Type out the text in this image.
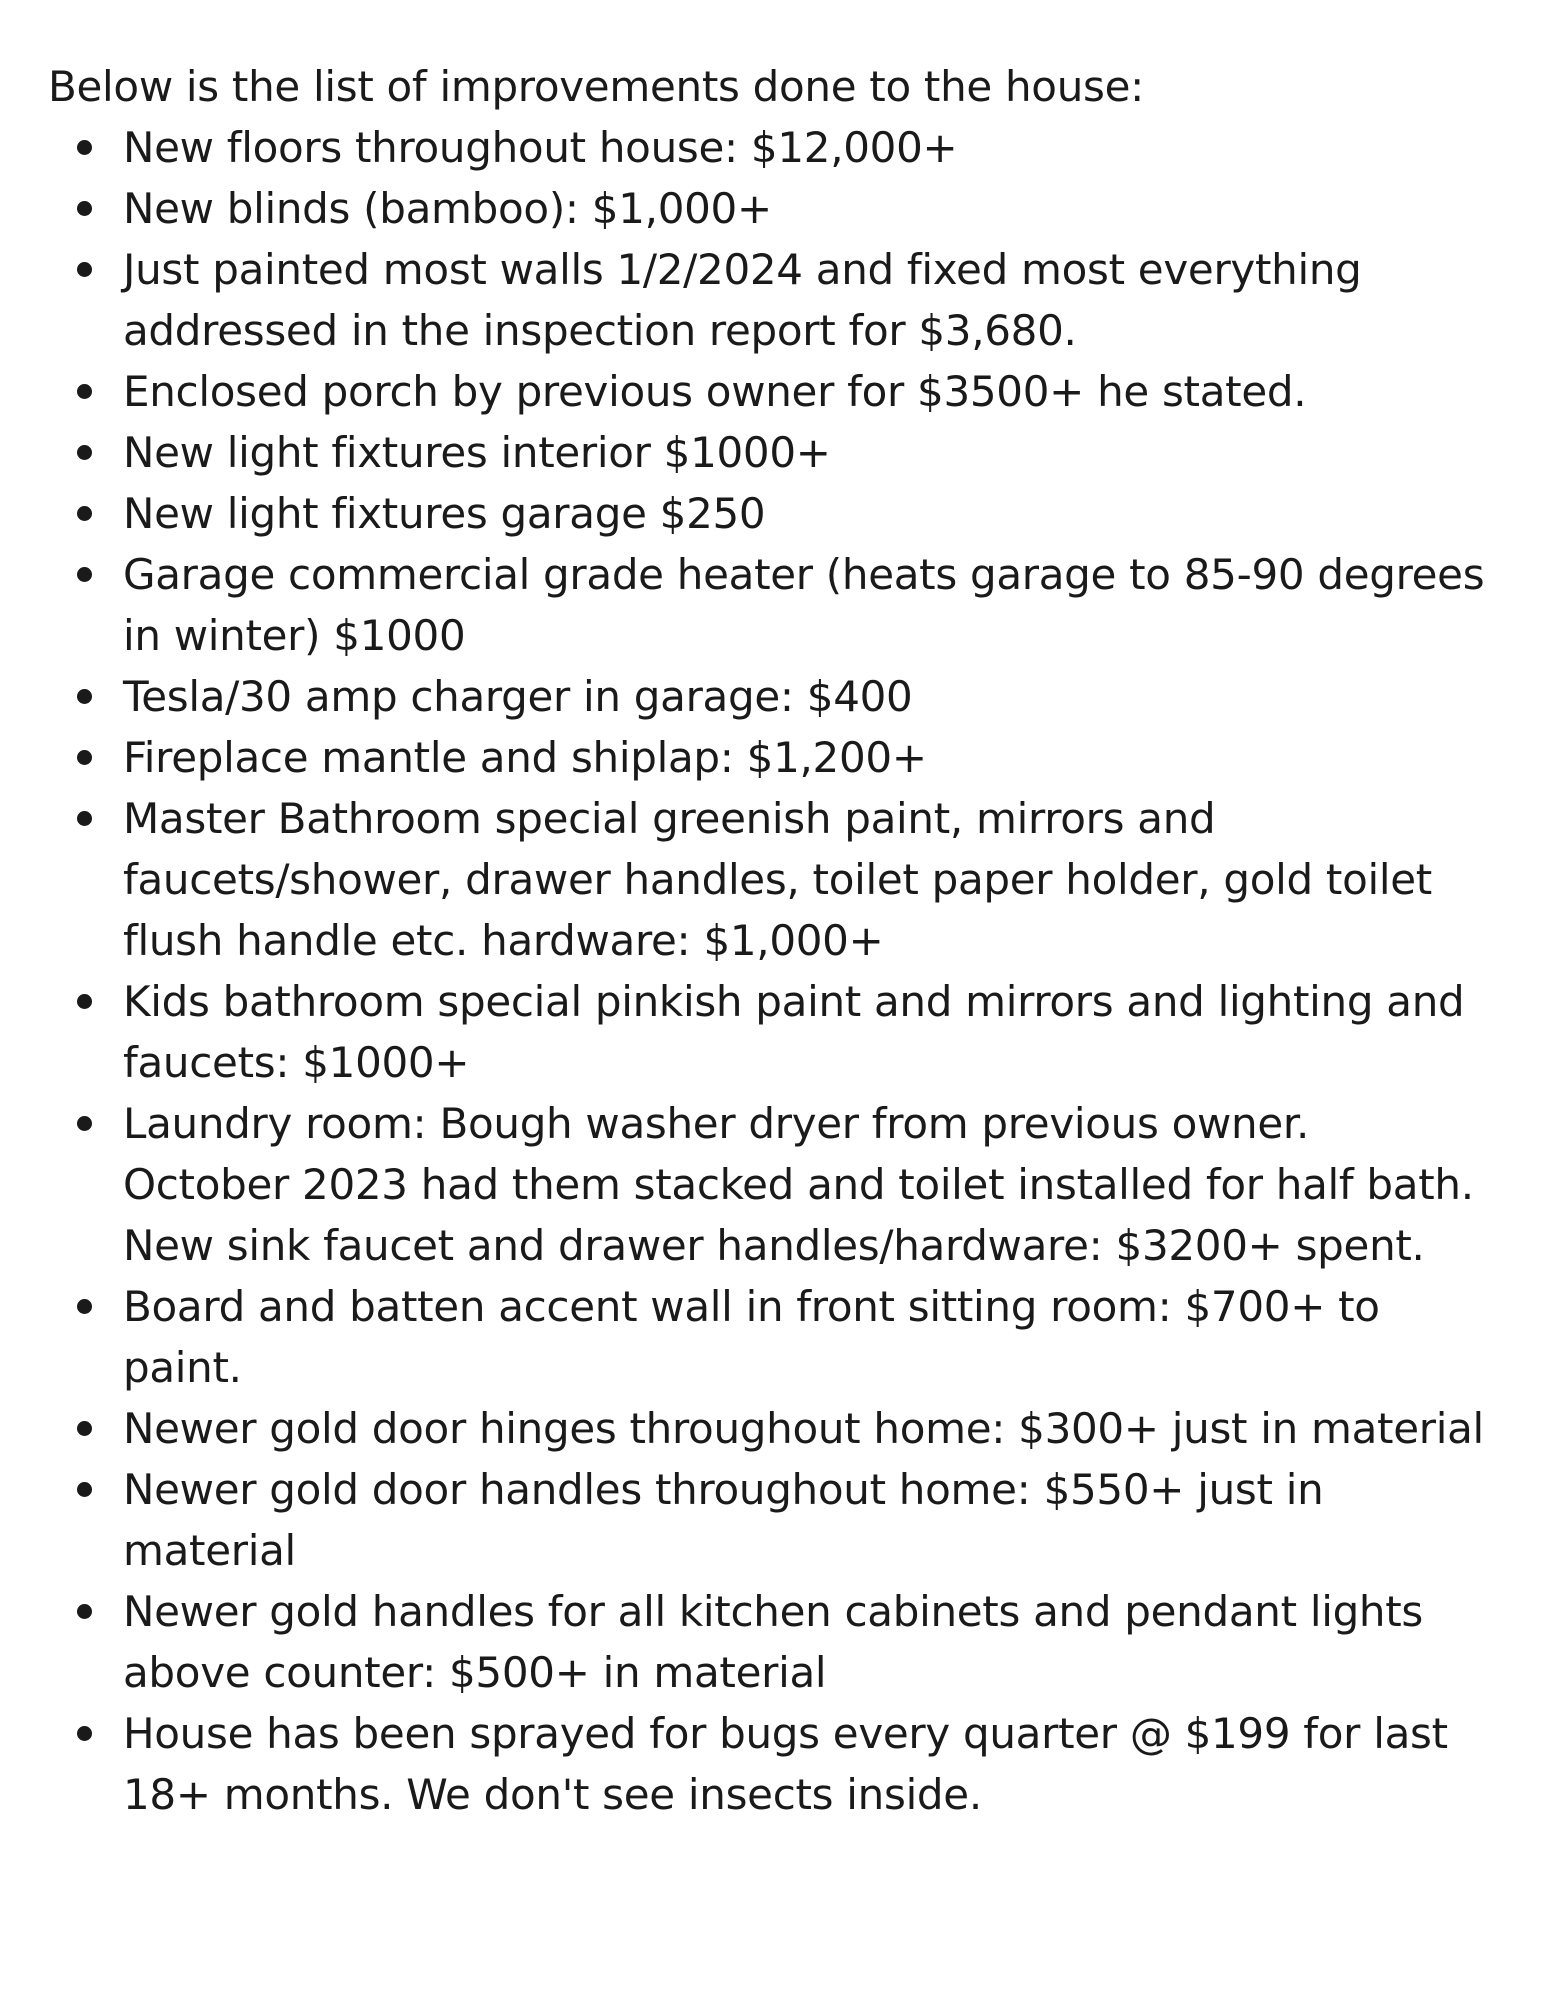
Below is the list of improvements done to the house:

New floors throughout house: $12,000+
New blinds (bamboo): $1,000+
Just painted most walls 1/2/2024 and fixed most everything addressed in the inspection report for $3,680.
Enclosed porch by previous owner for $3500+ he stated.
New light fixtures interior $1000+
New light fixtures garage $250
Garage commercial grade heater (heats garage to 85-90 degrees in winter) $1000
Tesla/30 amp charger in garage: $400
Fireplace mantle and shiplap: $1,200+
Master Bathroom special greenish paint, mirrors and faucets/shower, drawer handles, toilet paper holder, gold toilet flush handle etc. hardware: $1,000+
Kids bathroom special pinkish paint and mirrors and lighting and faucets: $1000+
Laundry room: Bough washer dryer from previous owner. October 2023 had them stacked and toilet installed for half bath. New sink faucet and drawer handles/hardware: $3200+ spent.
Board and batten accent wall in front sitting room: $700+ to paint.
Newer gold door hinges throughout home: $300+ just in material
Newer gold door handles throughout home: $550+ just in material
Newer gold handles for all kitchen cabinets and pendant lights above counter: $500+ in material
House has been sprayed for bugs every quarter @ $199 for last 18+ months. We don't see insects inside.
